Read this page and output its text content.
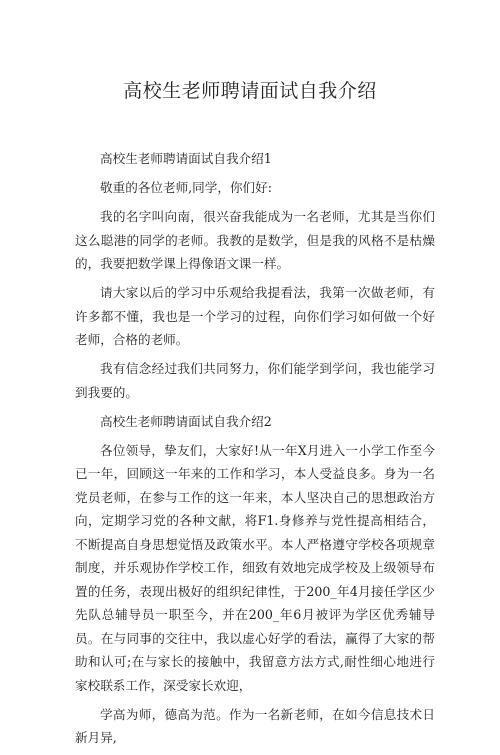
高校生老师聘请面试自我介绍

高校生老师聘请面试自我介绍1

敬重的各位老师,同学，你们好:

我的名字叫向南，很兴奋我能成为一名老师，尤其是当你们这么聪港的同学的老师。我教的是数学，但是我的风格不是枯燥的，我要把数学课上得像语文课一样。

请大家以后的学习中乐观给我提看法，我第一次做老师，有许多都不懂，我也是一个学习的过程，向你们学习如何做一个好老师，合格的老师。

我有信念经过我们共同努力，你们能学到学问，我也能学习到我要的。

高校生老师聘请面试自我介绍2

各位领导，挚友们，大家好!从一年X月进入一小学工作至今已一年，回顾这一年来的工作和学习，本人受益良多。身为一名党员老师，在参与工作的这一年来，本人坚决自己的思想政治方向，定期学习党的各种文献，将F1.身修养与党性提高相结合，不断提高自身思想觉悟及政策水平。本人严格遵守学校各项规章制度，并乐观协作学校工作，细致有效地完成学校及上级领导布置的任务，表现出极好的组织纪律性，于200_年4月接任学区少先队总辅导员一职至今，并在200_年6月被评为学区优秀辅导员。在与同事的交往中，我以虚心好学的看法，赢得了大家的帮助和认可;在与家长的接触中，我留意方法方式,耐性细心地进行家校联系工作，深受家长欢迎，

学高为师，德高为范。作为一名新老师，在如今信息技术日新月异,
